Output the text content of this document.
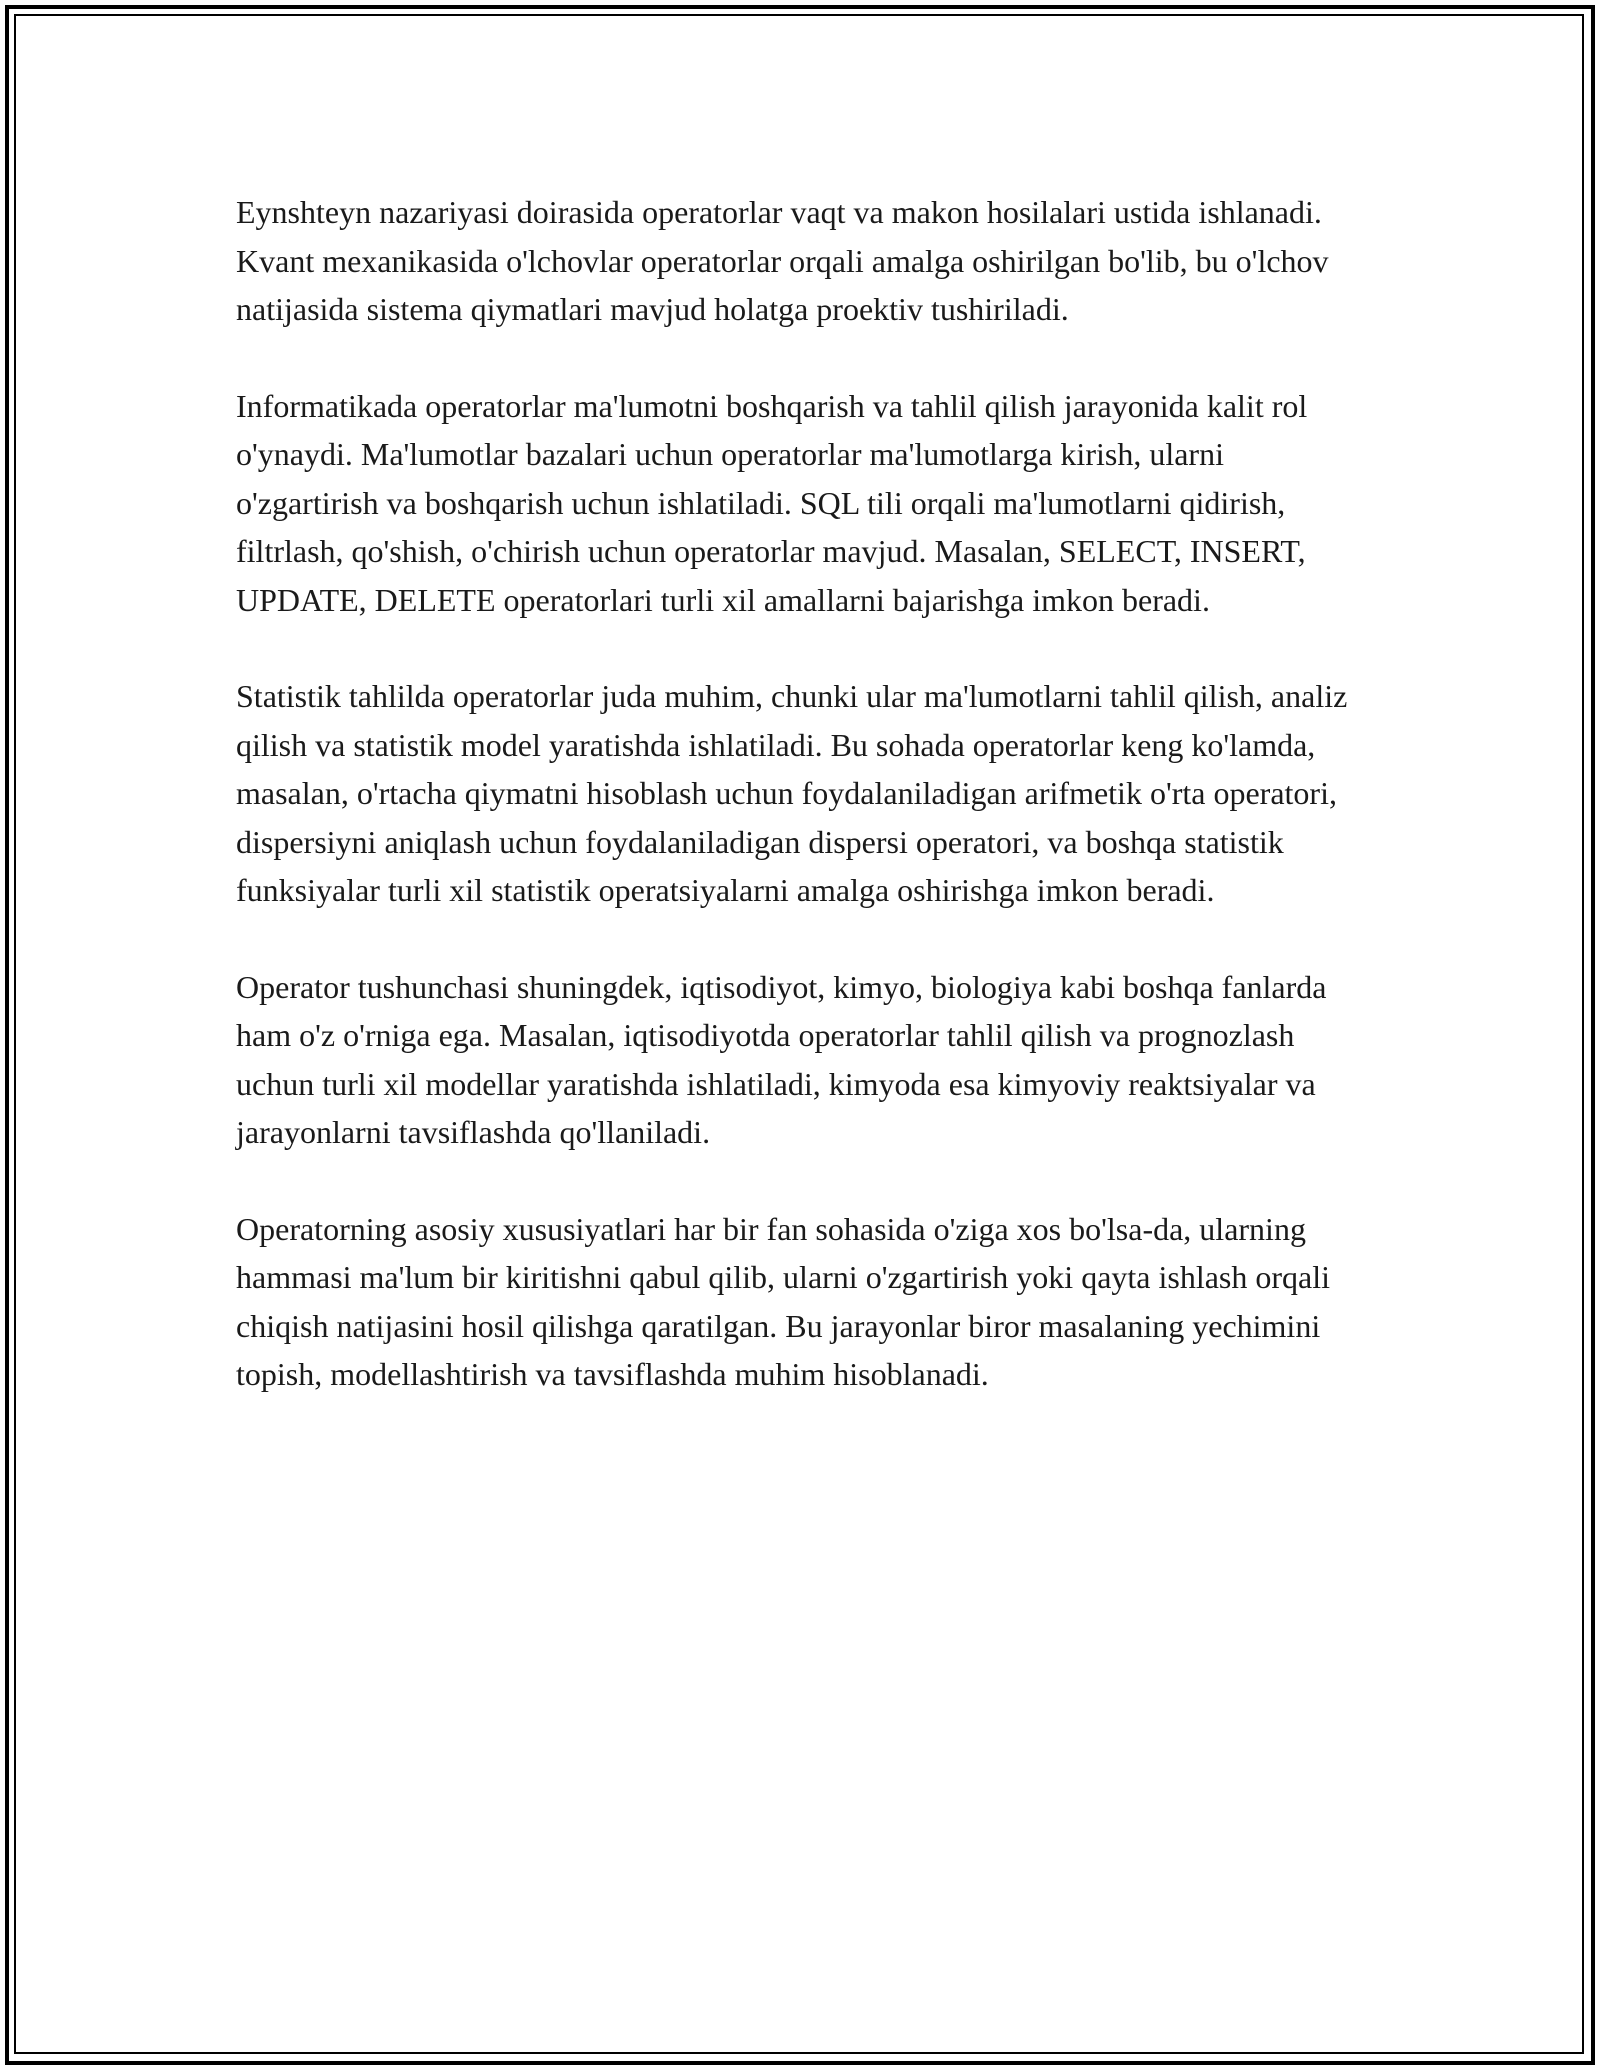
Eynshteyn nazariyasi doirasida operatorlar vaqt va makon hosilalari ustida ishlanadi. Kvant mexanikasida o'lchovlar operatorlar orqali amalga oshirilgan bo'lib, bu o'lchov natijasida sistema qiymatlari mavjud holatga proektiv tushiriladi.

Informatikada operatorlar ma'lumotni boshqarish va tahlil qilish jarayonida kalit rol o'ynaydi. Ma'lumotlar bazalari uchun operatorlar ma'lumotlarga kirish, ularni o'zgartirish va boshqarish uchun ishlatiladi. SQL tili orqali ma'lumotlarni qidirish, filtrlash, qo'shish, o'chirish uchun operatorlar mavjud. Masalan, SELECT, INSERT, UPDATE, DELETE operatorlari turli xil amallarni bajarishga imkon beradi.

Statistik tahlilda operatorlar juda muhim, chunki ular ma'lumotlarni tahlil qilish, analiz qilish va statistik model yaratishda ishlatiladi. Bu sohada operatorlar keng ko'lamda, masalan, o'rtacha qiymatni hisoblash uchun foydalaniladigan arifmetik o'rta operatori, dispersiyni aniqlash uchun foydalaniladigan dispersi operatori, va boshqa statistik funksiyalar turli xil statistik operatsiyalarni amalga oshirishga imkon beradi.

Operator tushunchasi shuningdek, iqtisodiyot, kimyo, biologiya kabi boshqa fanlarda ham o'z o'rniga ega. Masalan, iqtisodiyotda operatorlar tahlil qilish va prognozlash uchun turli xil modellar yaratishda ishlatiladi, kimyoda esa kimyoviy reaktsiyalar va jarayonlarni tavsiflashda qo'llaniladi.

Operatorning asosiy xususiyatlari har bir fan sohasida o'ziga xos bo'lsa-da, ularning hammasi ma'lum bir kiritishni qabul qilib, ularni o'zgartirish yoki qayta ishlash orqali chiqish natijasini hosil qilishga qaratilgan. Bu jarayonlar biror masalaning yechimini topish, modellashtirish va tavsiflashda muhim hisoblanadi.
